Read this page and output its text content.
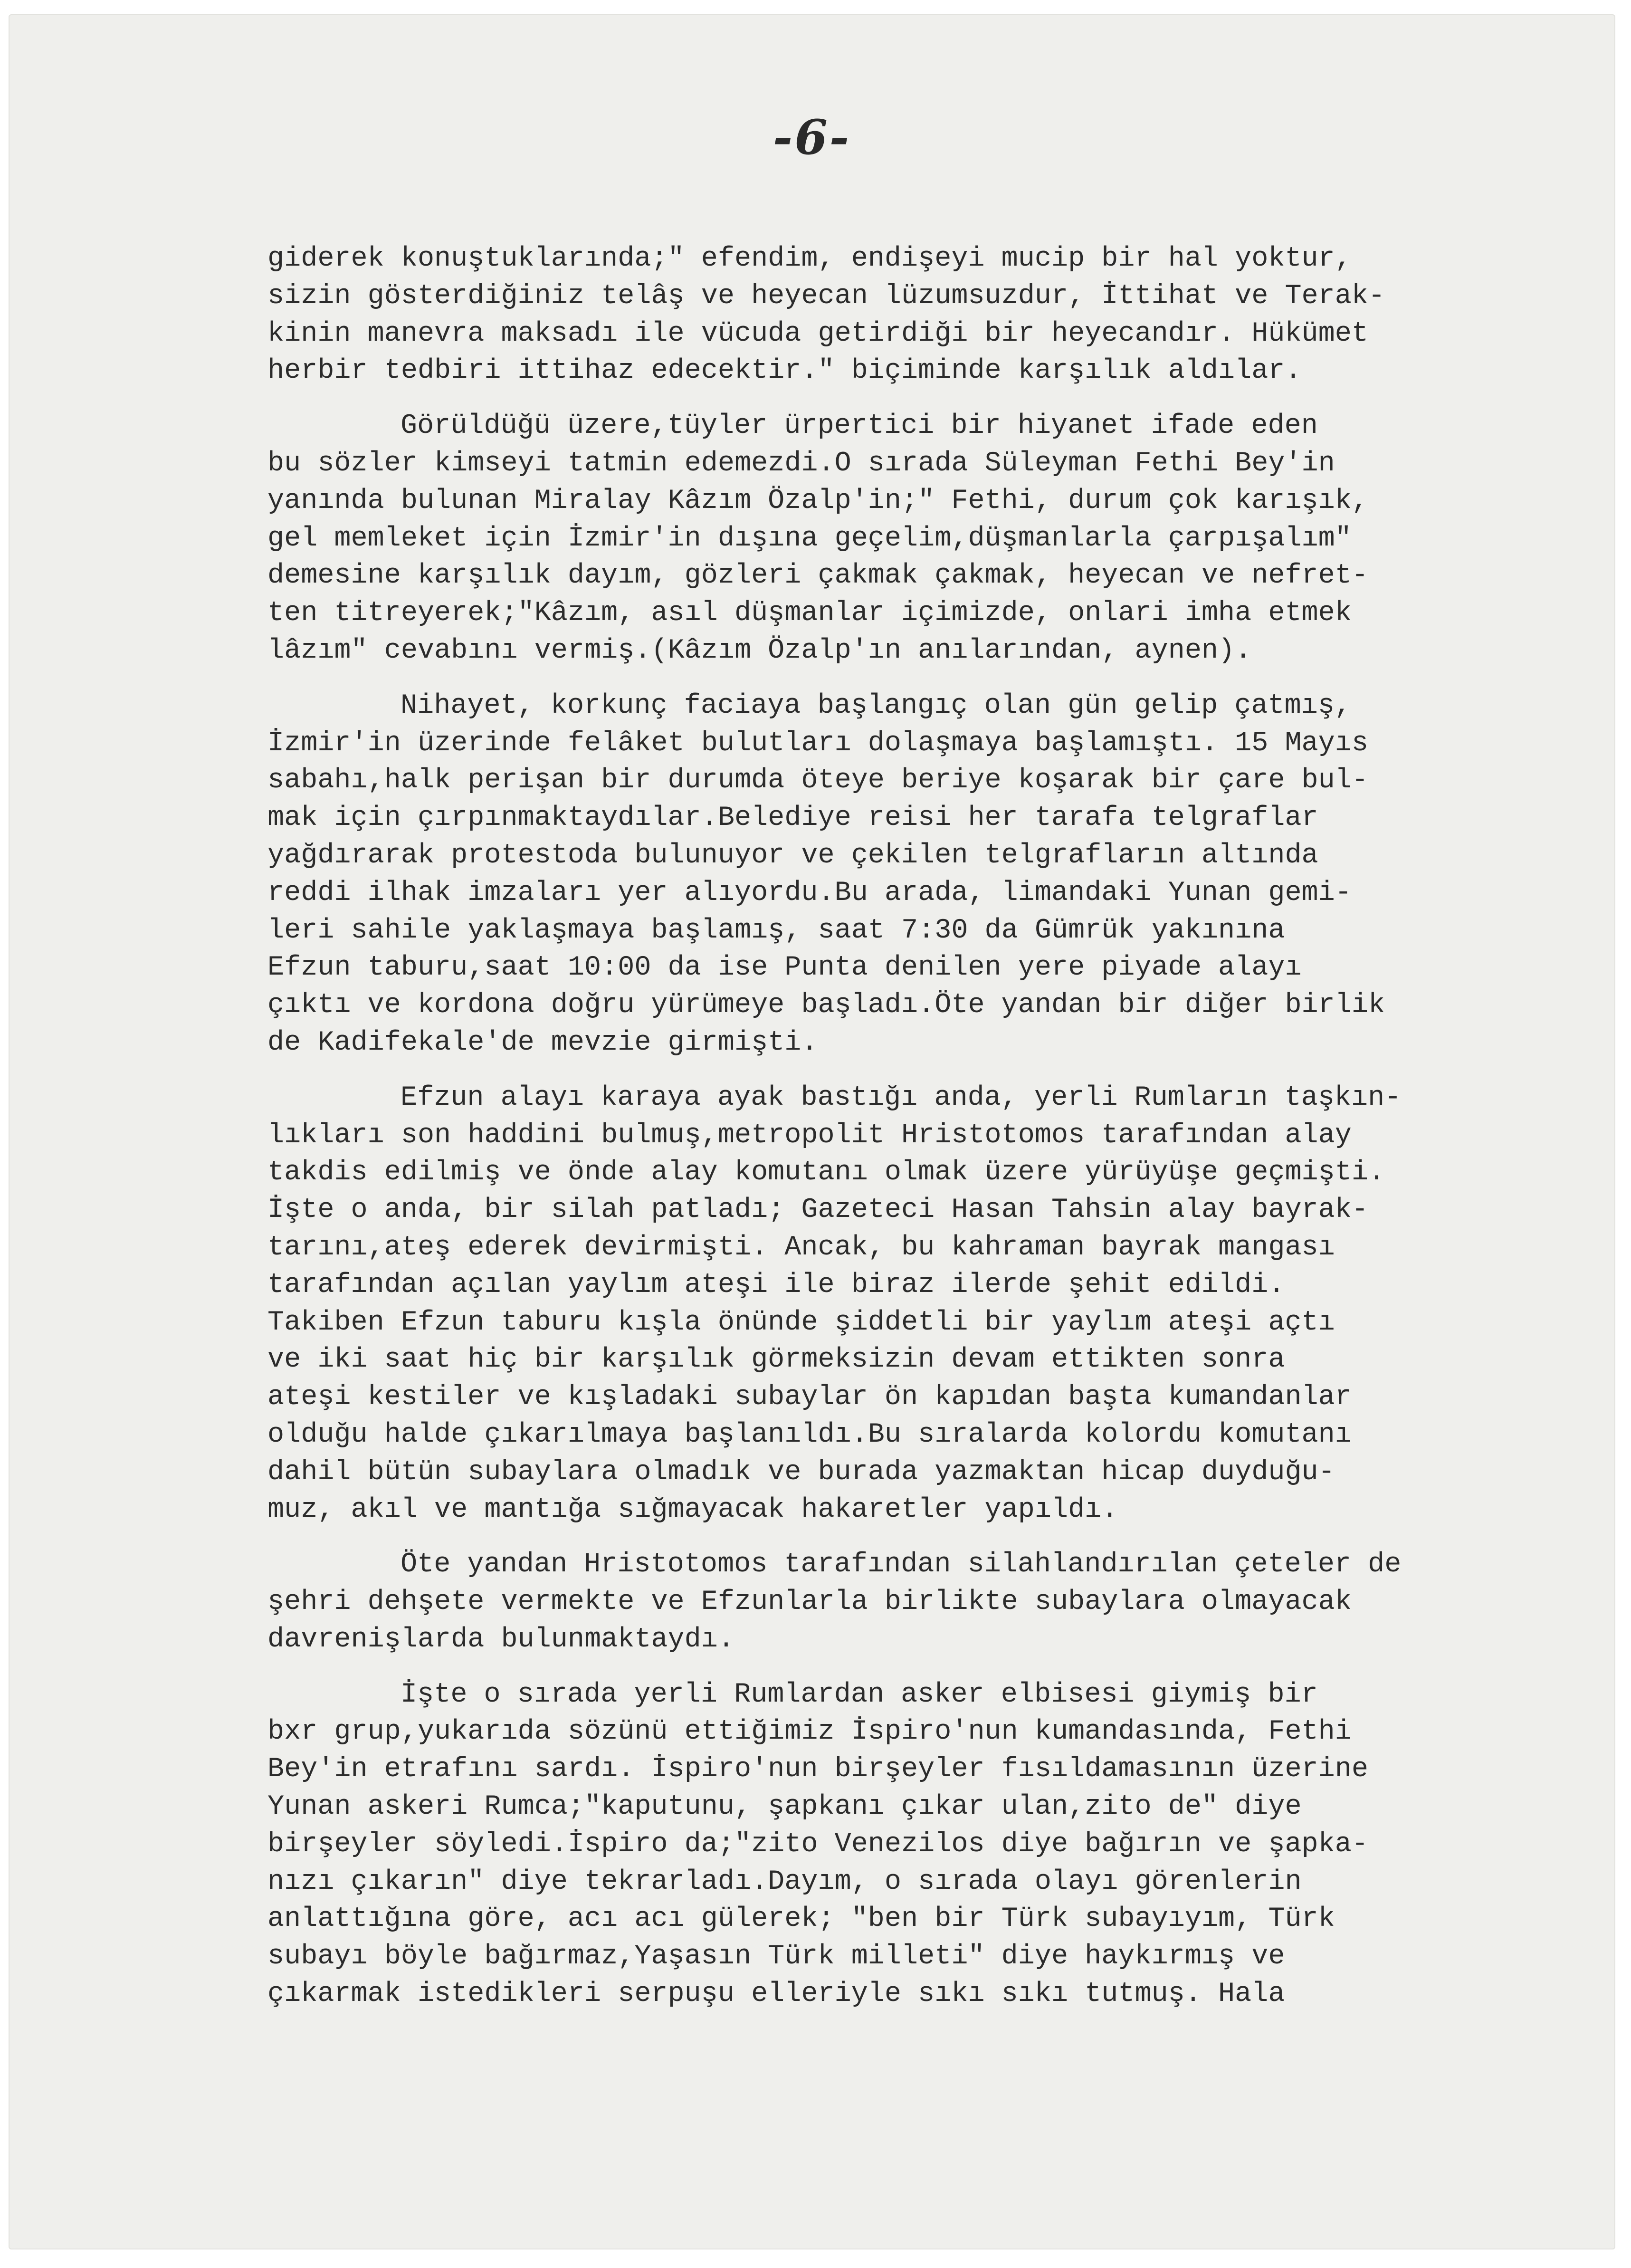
-6-
giderek konuştuklarında;" efendim, endişeyi mucip bir hal yoktur,
sizin gösterdiğiniz telâş ve heyecan lüzumsuzdur, İttihat ve Terak-
kinin manevra maksadı ile vücuda getirdiği bir heyecandır. Hükümet
herbir tedbiri ittihaz edecektir." biçiminde karşılık aldılar.
Görüldüğü üzere,tüyler ürpertici bir hiyanet ifade eden
bu sözler kimseyi tatmin edemezdi.O sırada Süleyman Fethi Bey'in
yanında bulunan Miralay Kâzım Özalp'in;" Fethi, durum çok karışık,
gel memleket için İzmir'in dışına geçelim,düşmanlarla çarpışalım"
demesine karşılık dayım, gözleri çakmak çakmak, heyecan ve nefret-
ten titreyerek;"Kâzım, asıl düşmanlar içimizde, onlari imha etmek
lâzım" cevabını vermiş.(Kâzım Özalp'ın anılarından, aynen).
Nihayet, korkunç faciaya başlangıç olan gün gelip çatmış,
İzmir'in üzerinde felâket bulutları dolaşmaya başlamıştı. 15 Mayıs
sabahı,halk perişan bir durumda öteye beriye koşarak bir çare bul-
mak için çırpınmaktaydılar.Belediye reisi her tarafa telgraflar
yağdırarak protestoda bulunuyor ve çekilen telgrafların altında
reddi ilhak imzaları yer alıyordu.Bu arada, limandaki Yunan gemi-
leri sahile yaklaşmaya başlamış, saat 7:30 da Gümrük yakınına
Efzun taburu,saat 10:00 da ise Punta denilen yere piyade alayı
çıktı ve kordona doğru yürümeye başladı.Öte yandan bir diğer birlik
de Kadifekale'de mevzie girmişti.
Efzun alayı karaya ayak bastığı anda, yerli Rumların taşkın-
lıkları son haddini bulmuş,metropolit Hristotomos tarafından alay
takdis edilmiş ve önde alay komutanı olmak üzere yürüyüşe geçmişti.
İşte o anda, bir silah patladı; Gazeteci Hasan Tahsin alay bayrak-
tarını,ateş ederek devirmişti. Ancak, bu kahraman bayrak mangası
tarafından açılan yaylım ateşi ile biraz ilerde şehit edildi.
Takiben Efzun taburu kışla önünde şiddetli bir yaylım ateşi açtı
ve iki saat hiç bir karşılık görmeksizin devam ettikten sonra
ateşi kestiler ve kışladaki subaylar ön kapıdan başta kumandanlar
olduğu halde çıkarılmaya başlanıldı.Bu sıralarda kolordu komutanı
dahil bütün subaylara olmadık ve burada yazmaktan hicap duyduğu-
muz, akıl ve mantığa sığmayacak hakaretler yapıldı.
Öte yandan Hristotomos tarafından silahlandırılan çeteler de
şehri dehşete vermekte ve Efzunlarla birlikte subaylara olmayacak
davrenişlarda bulunmaktaydı.
İşte o sırada yerli Rumlardan asker elbisesi giymiş bir
bxr grup,yukarıda sözünü ettiğimiz İspiro'nun kumandasında, Fethi
Bey'in etrafını sardı. İspiro'nun birşeyler fısıldamasının üzerine
Yunan askeri Rumca;"kaputunu, şapkanı çıkar ulan,zito de" diye
birşeyler söyledi.İspiro da;"zito Venezilos diye bağırın ve şapka-
nızı çıkarın" diye tekrarladı.Dayım, o sırada olayı görenlerin
anlattığına göre, acı acı gülerek; "ben bir Türk subayıyım, Türk
subayı böyle bağırmaz,Yaşasın Türk milleti" diye haykırmış ve
çıkarmak istedikleri serpuşu elleriyle sıkı sıkı tutmuş. Hala
